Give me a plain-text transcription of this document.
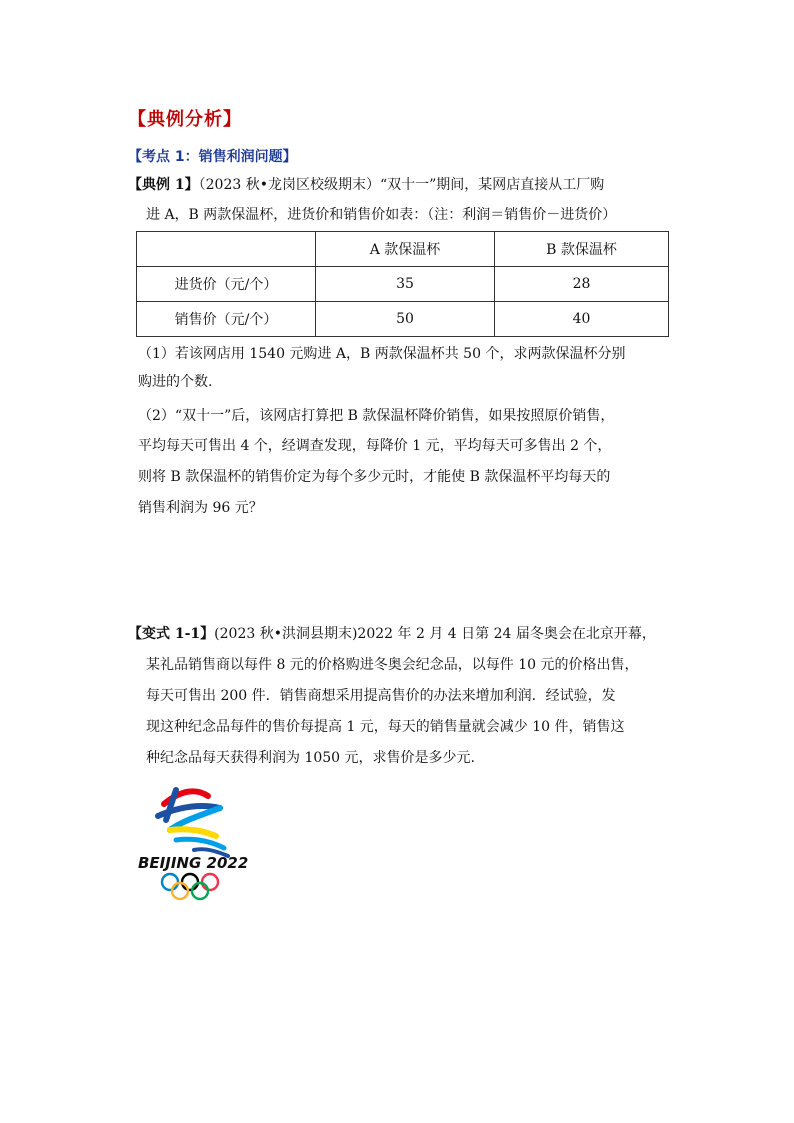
【典例分析】
【考点 1：销售利润问题】
【典例 1】（2023 秋•龙岗区校级期末）“双十一”期间，某网店直接从工厂购
进 A，B 两款保温杯，进货价和销售价如表：（注：利润＝销售价－进货价）
	A 款保温杯	B 款保温杯
进货价（元/个）	35	28
销售价（元/个）	50	40
（1）若该网店用 1540 元购进 A，B 两款保温杯共 50 个，求两款保温杯分别
购进的个数.
（2）“双十一”后，该网店打算把 B 款保温杯降价销售，如果按照原价销售，
平均每天可售出 4 个，经调查发现，每降价 1 元，平均每天可多售出 2 个，
则将 B 款保温杯的销售价定为每个多少元时，才能使 B 款保温杯平均每天的
销售利润为 96 元？
【变式 1-1】(2023 秋•洪洞县期末)2022 年 2 月 4 日第 24 届冬奥会在北京开幕，
某礼品销售商以每件 8 元的价格购进冬奥会纪念品，以每件 10 元的价格出售，
每天可售出 200 件．销售商想采用提高售价的办法来增加利润．经试验，发
现这种纪念品每件的售价每提高 1 元，每天的销售量就会减少 10 件，销售这
种纪念品每天获得利润为 1050 元，求售价是多少元.
BEIJING 2022
